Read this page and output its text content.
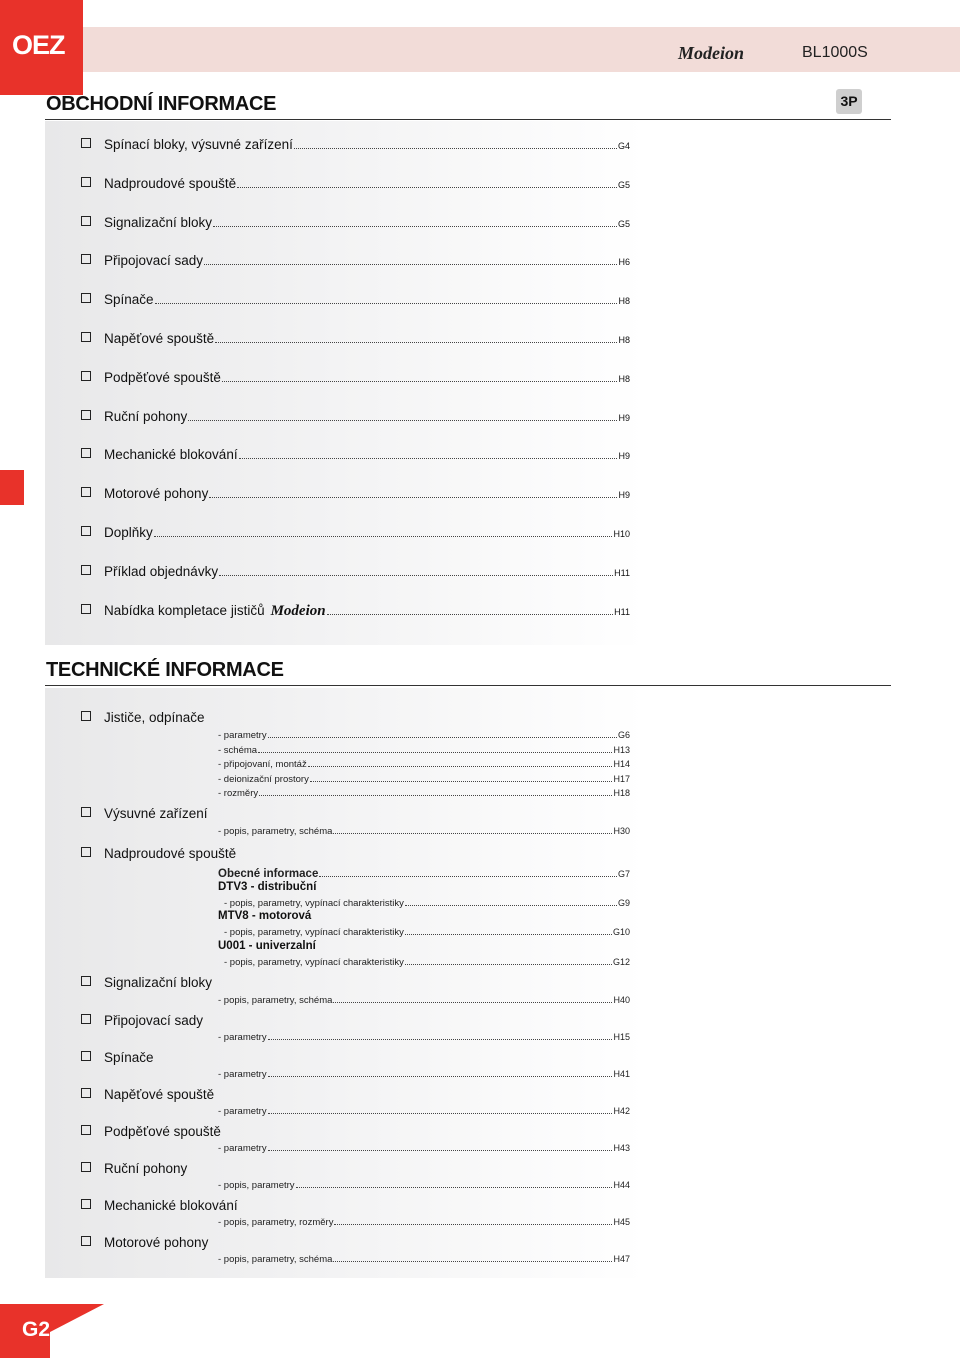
OEZ	Modeion	BL1000S
OBCHODNÍ INFORMACE	3P
Spínací bloky, výsuvné zařízení	G4
Nadproudové spouště	G5
Signalizační bloky	G5
Připojovací sady	H6
Spínače	H8
Napěťové spouště	H8
Podpěťové spouště	H8
Ruční pohony	H9
Mechanické blokování	H9
Motorové pohony	H9
Doplňky	H10
Příklad objednávky	H11
Nabídka kompletace jističů Modeion	H11
TECHNICKÉ INFORMACE
Jističe, odpínače
- parametry	G6
- schéma	H13
- připojovaní, montáž	H14
- deionizační prostory	H17
- rozměry	H18
Výsuvné zařízení
- popis, parametry, schéma	H30
Nadproudové spouště
Obecné informace	G7
DTV3 - distribuční
- popis, parametry, vypínací charakteristiky	G9
MTV8 - motorová
- popis, parametry, vypínací charakteristiky	G10
U001 - univerzalní
- popis, parametry, vypínací charakteristiky	G12
Signalizační bloky
- popis, parametry, schéma	H40
Připojovací sady
- parametry	H15
Spínače
- parametry	H41
Napěťové spouště
- parametry	H42
Podpěťové spouště
- parametry	H43
Ruční pohony
- popis, parametry	H44
Mechanické blokování
- popis, parametry, rozměry	H45
Motorové pohony
- popis, parametry, schéma	H47
G2
